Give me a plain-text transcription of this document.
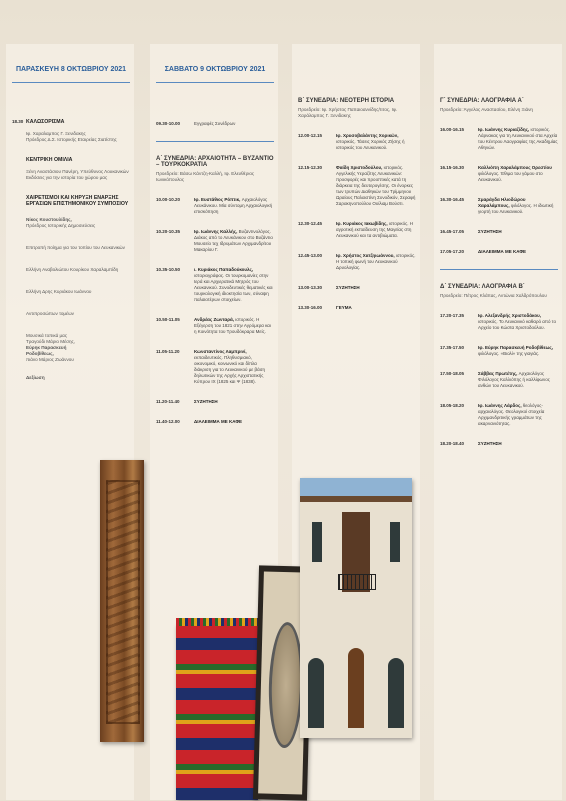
ΠΑΡΑΣΚΕΥΗ 8 ΟΚΤΩΒΡΙΟΥ 2021
18.30 ΚΑΛΩΣΟΡΙΣΜΑ
Ιφ. Χαραλαμπος Γ. Ξενιδακης
Πρόεδρος Δ.Σ. Ιστορικής Εταιρείας Σιατίστης
ΚΕΝΤΡΙΚΗ ΟΜΙΛΙΑ
Ξένη Αναστάσιου Πανέρη, Υπεύθυνος Λουκανικών
Εκδόσεις για την ιστορία του χώρου μας
ΧΑΙΡΕΤΙΣΜΟΙ ΚΑΙ ΚΗΡΥΞΗ ΕΝΑΡΞΗΣ ΕΡΓΑΣΙΩΝ ΕΠΙΣΤΗΜΟΝΙΚΟΥ ΣΥΜΠΟΣΙΟΥ
Νίκος Κουστουλίδης,
Πρόεδρος Ιστορικής Δημοσιεύσεις
Επιτροπή ποίημα για του τοπίου του Λευκανικών
Ελλήνη Αναβολιώτου Κουρίκου Χαραλαμπίδη
Ελλήνη Δρης Κυριάκου Ιωάννου
Αντιπροσώπων τομέων
Μουσικά τοπικά μας
Τραγούδι Μάριο Μέσης,
Εύρηκ Παρασκευή Ροδοβίθεως,
πιάνο Μάριος Ζωάννου
Δεξίωση
ΣΑΒΒΑΤΟ 9 ΟΚΤΩΒΡΙΟΥ 2021
09.30-10.00	Εγγραφές Συνέδρων
Α΄ ΣΥΝΕΔΡΙΑ: ΑΡΧΑΙΟΤΗΤΑ – ΒΥΖΑΝΤΙΟ – ΤΟΥΡΚΟΚΡΑΤΙΑ
Προεδρείο: Βάσω Κάντζη-Καλλή, Ιφ. Ελευθέριος Ιωνικόπουλος
10.00-10.20	Ιφ. Ευστάθιος Ρόπτικ, Αρχαιολόγος Λευκάνικου. Μία σύντομη Αρχαιολογική επισκόπηση
10.20-10.35	Ιφ. Ιωάννης Καλλής, Βυζαντινολόγος. Διάκος από το Λευκάνικου στο Βυζάντιο Μουσείο τεχ Ιδρυμάτων Αρχιμανδρίτου Μακαρίου Γ.
10.35-10.50	ι. Κυριάκος Παπαδούκουλς, ιστοριογράφος. Οι τουρκομανίες στην Ιερά και Αρχιερατικά Μητρός του Λευκανικού. Συνοδευτικές θεματικές και τουρκολογική ιδιοκτησία των, σύναψη παλαιοτέρων στοιχείων.
10.50-11.05	Ανδρέας Ζωνταρά, ιστορικός. Η Εξέγερση του 1821 στην Αγρόμερα και η Κοινότητα του Τρουδόκραρα Μείς.
11.05-11.20	Κωνσταντίνος Λαμπρινί, εκπαιδευτικός. Πληθυσμιακό, οικονομικό, κοινωνικό και δίπλα διάκριση για το Λευκανικού με βάση δηλωτικών της Αρχής Αρχιστατικής Κύπρου ΙΧ (1825 και Ψ (1838).
11.20-11.40	ΣΥΖΗΤΗΣΗ
11.40-12.00	ΔΙΑΛΕΙΜΜΑ ΜΕ ΚΑΦΕ
Β΄ ΣΥΝΕΔΡΙΑ: ΝΕΟΤΕΡΗ ΙΣΤΟΡΙΑ
Προεδρείο: Ιφ. Χρήστος Παπαιοαννίδης/τιτος, Ιφ. Χαράλαμπος Γ. Ξενιδακης
12.00-12.15	Ιφ. Χρυσοβαλάντης Χορικών, ιστορικός. Τάσεις Χορικός Ζήσης ή ιστορικός του Λευκανικού.
12.15-12.30	Φαίδη Χριστοδούλου, ιστορικός. Αγγελικής Υεραζίτης Λευκανικών: προσφορές και προοπτικές κατά τη διάρκεια της δευτερογέσης. Οι ένορκες των τρυπών Διαθηκών του Τρίμμηνου Ωραίους Παλαιστίνη Συνοδικόν, Σεραφή Σαρακηνοπούλου Ουίλιαμ Βούστι.
12.30-12.45	Ιφ. Κυριάκος Ιακωβίδης, ιστορικός. Η αγροτική εκπαίδευση της Μαγείας στη Λευκανικού και τα αντιβιώματα.
12.45-13.00	Ιφ. Χρήστος Χατζηιωάννου, ιστορικός. Η τοπική φωνή του Λευκανικού Δρυολογίας.
13.00-13.30	ΣΥΖΗΤΗΣΗ
13.30-16.00	ΓΕΥΜΑ
Γ΄ ΣΥΝΕΔΡΙΑ: ΛΑΟΓΡΑΦΙΑ Α΄
Προεδρείο: Άγγελος Αναστασίου, Ελένη Ξιάνη
16.00-16.15	Ιφ. Ιωάννης Κυριαζίδης, ιστορικός. Λάρνακας για τη Λευκανικού στα Αρχεία του Κέντρου Λαογραφίας της Ακαδημίας Αθηνών.
16.15-16.30	Καλλιόπη Χαραλάμπους Ορεστίου φιλόλογος. Έθιμα του γάμου στο Λευκανικού.
16.30-16.45	Σμαράγδα Ηλιοδώρου Χαραλάμπους, φιλόλογος. Η ιδιωτική γιορτή του Λευκανικού.
16.45-17.05	ΣΥΖΗΤΗΣΗ
17.05-17.20	ΔΙΑΛΕΙΜΜΑ ΜΕ ΚΑΦΕ
Δ΄ ΣΥΝΕΔΡΙΑ: ΛΑΟΓΡΑΦΙΑ Β΄
Προεδρείο: Πέτρος Κλάπας, Αντώνια Χαλδρόπουλου
17.20-17.35	Ιφ. Αλεξανδρής Χριστοδάκου, ιστορικός. Το Λευκανικό καθαρό από το Αρχείο του Κώστα Χριστοδούλου.
17.35-17.50	Ιφ. Εύρηκ Παρασκευή Ροδοβίθεως, φιλόλογος. «Βιολί» της γιαγιάς.
17.50-18.05	Σάββας Πρωτέτης, Αρχαιολόγος Φιλόλογος Καλλιόπης ή καλλίφωνος ανθών του Λευκανικού.
18.05-18.20	Ιφ. Ιωάννης Λάρδος, θεολόγος-αρχαιολόγος. Θεολογικοί στοιχεία Αρχιμανδριτικής γραμμάτων της ακαρνανιότητας.
18.20-18.40	ΣΥΖΗΤΗΣΗ
